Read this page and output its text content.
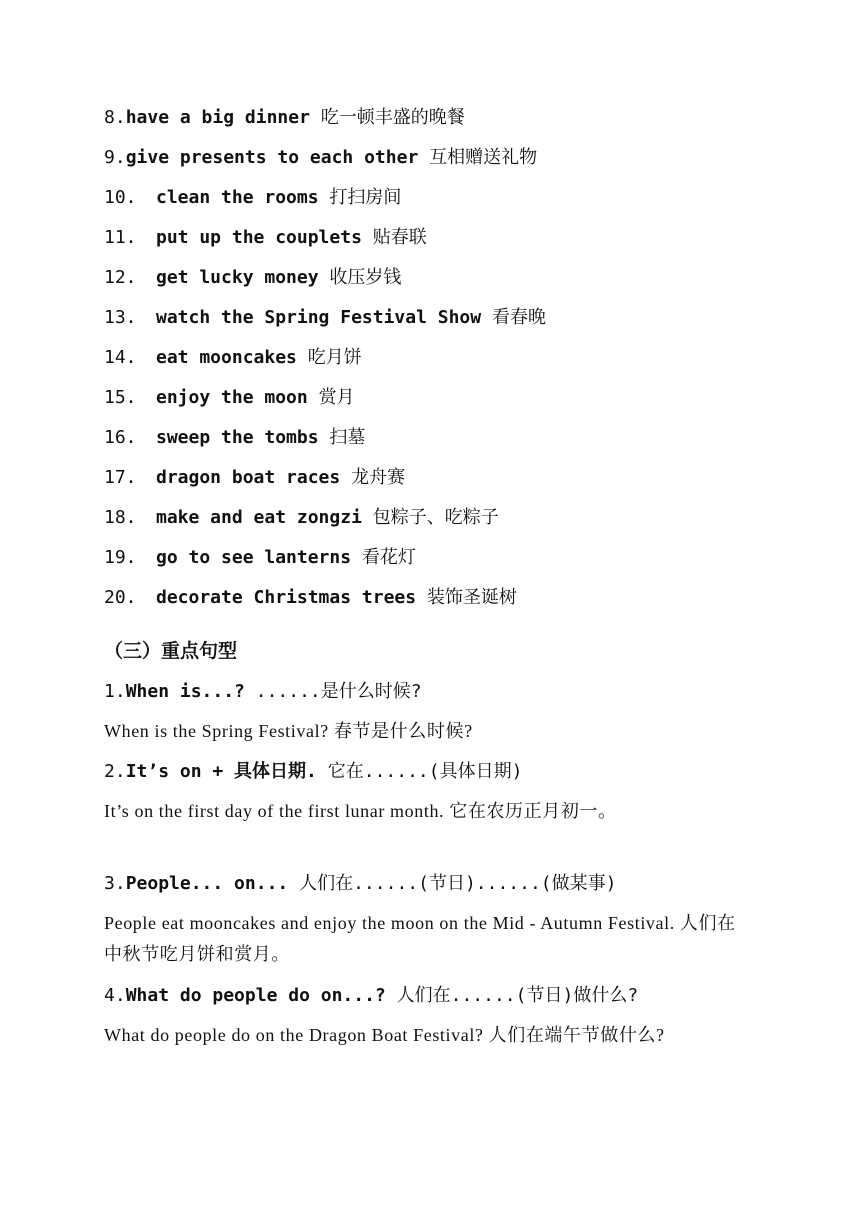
8.have a big dinner 吃一顿丰盛的晚餐
9.give presents to each other 互相赠送礼物
10. clean the rooms 打扫房间
11. put up the couplets 贴春联
12. get lucky money 收压岁钱
13. watch the Spring Festival Show 看春晚
14. eat mooncakes 吃月饼
15. enjoy the moon 赏月
16. sweep the tombs 扫墓
17. dragon boat races 龙舟赛
18. make and eat zongzi 包粽子、吃粽子
19. go to see lanterns 看花灯
20. decorate Christmas trees 装饰圣诞树
（三）重点句型
1.When is...? ......是什么时候?
When is the Spring Festival? 春节是什么时候?
2.It’s on + 具体日期. 它在......(具体日期)
It’s on the first day of the first lunar month. 它在农历正月初一。
3.People... on... 人们在......(节日)......(做某事)
People eat mooncakes and enjoy the moon on the Mid - Autumn Festival. 人们在中秋节吃月饼和赏月。
4.What do people do on...? 人们在......(节日)做什么?
What do people do on the Dragon Boat Festival? 人们在端午节做什么?
